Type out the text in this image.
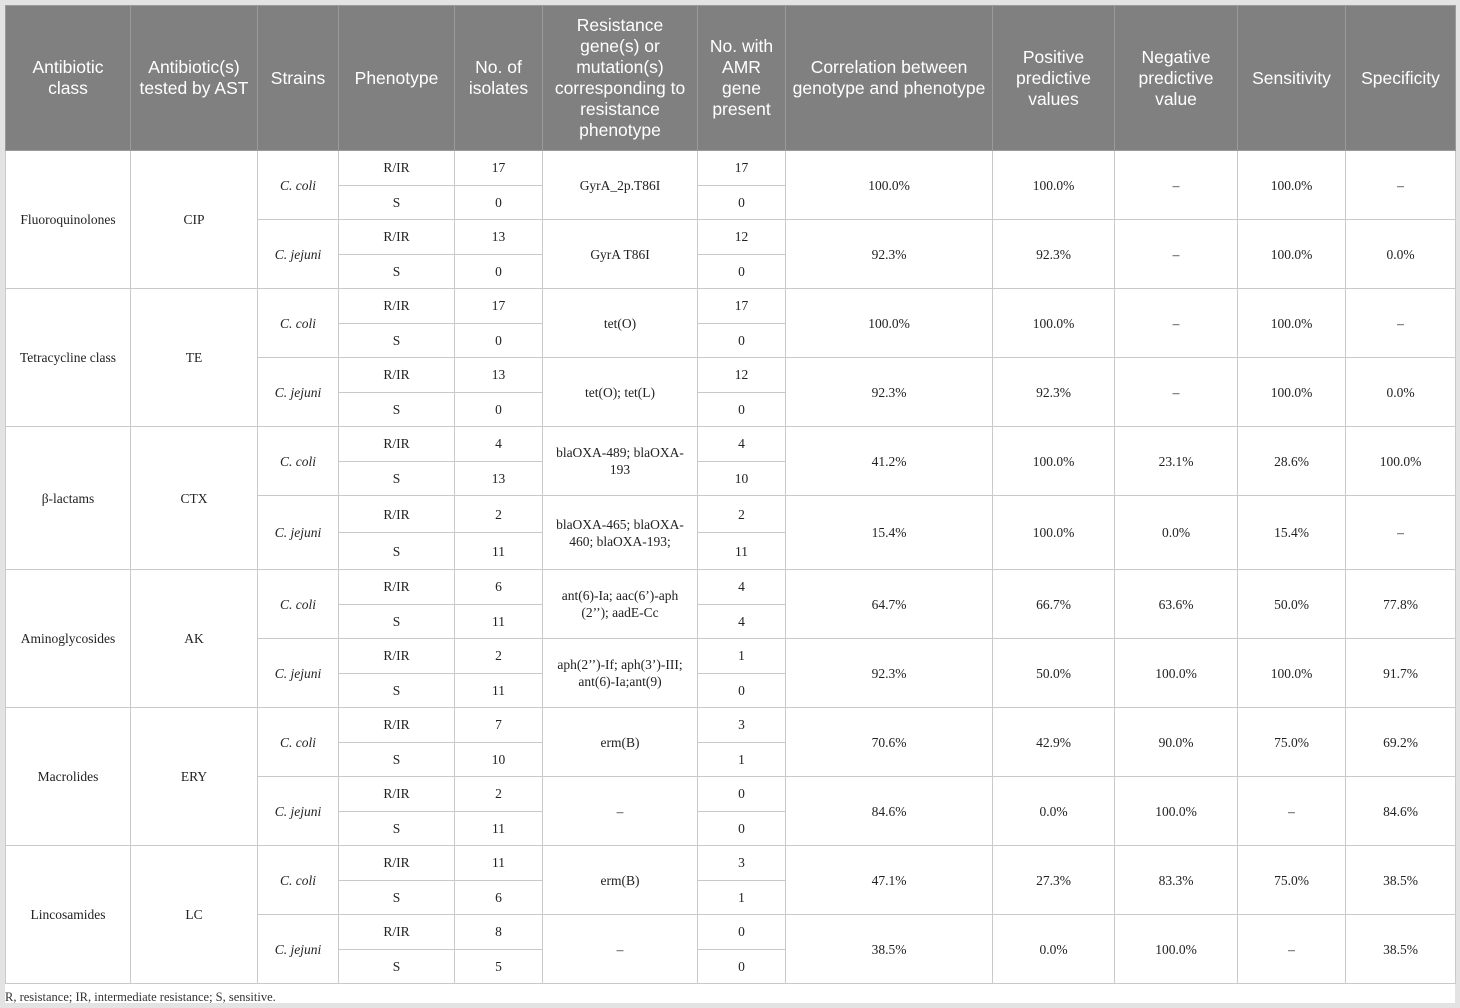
Antibiotic class	Antibiotic(s) tested by AST	Strains	Phenotype	No. of isolates	Resistance gene(s) or mutation(s) corresponding to resistance phenotype	No. with AMR gene present	Correlation between genotype and phenotype	Positive predictive values	Negative predictive value	Sensitivity	Specificity
Fluoroquinolones	CIP	C. coli	R/IR	17	GyrA_2p.T86I	17	100.0%	100.0%	–	100.0%	–
			S	0		0					
		C. jejuni	R/IR	13	GyrA T86I	12	92.3%	92.3%	–	100.0%	0.0%
			S	0		0					
Tetracycline class	TE	C. coli	R/IR	17	tet(O)	17	100.0%	100.0%	–	100.0%	–
			S	0		0					
		C. jejuni	R/IR	13	tet(O); tet(L)	12	92.3%	92.3%	–	100.0%	0.0%
			S	0		0					
β-lactams	CTX	C. coli	R/IR	4	blaOXA-489; blaOXA-193	4	41.2%	100.0%	23.1%	28.6%	100.0%
			S	13		10					
		C. jejuni	R/IR	2	blaOXA-465; blaOXA-460; blaOXA-193;	2	15.4%	100.0%	0.0%	15.4%	–
			S	11		11					
Aminoglycosides	AK	C. coli	R/IR	6	ant(6)-Ia; aac(6’)-aph (2’’); aadE-Cc	4	64.7%	66.7%	63.6%	50.0%	77.8%
			S	11		4					
		C. jejuni	R/IR	2	aph(2’’)-If; aph(3’)-III; ant(6)-Ia;ant(9)	1	92.3%	50.0%	100.0%	100.0%	91.7%
			S	11		0					
Macrolides	ERY	C. coli	R/IR	7	erm(B)	3	70.6%	42.9%	90.0%	75.0%	69.2%
			S	10		1					
		C. jejuni	R/IR	2	–	0	84.6%	0.0%	100.0%	–	84.6%
			S	11		0					
Lincosamides	LC	C. coli	R/IR	11	erm(B)	3	47.1%	27.3%	83.3%	75.0%	38.5%
			S	6		1					
		C. jejuni	R/IR	8	–	0	38.5%	0.0%	100.0%	–	38.5%
			S	5		0					
R, resistance; IR, intermediate resistance; S, sensitive.
